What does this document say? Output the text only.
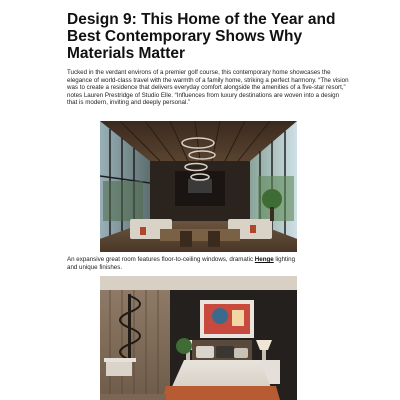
Design 9: This Home of the Year and Best Contemporary Shows Why Materials Matter

Tucked in the verdant environs of a premier golf course, this contemporary home showcases the elegance of world-class travel with the warmth of a family home, striking a perfect harmony. “The vision was to create a residence that delivers everyday comfort alongside the amenities of a five-star resort,” notes Lauren Prestridge of Studio Elle. “Influences from luxury destinations are woven into a design that is modern, inviting and deeply personal.”

An expansive great room features floor-to-ceiling windows, dramatic Henge lighting and unique finishes.
